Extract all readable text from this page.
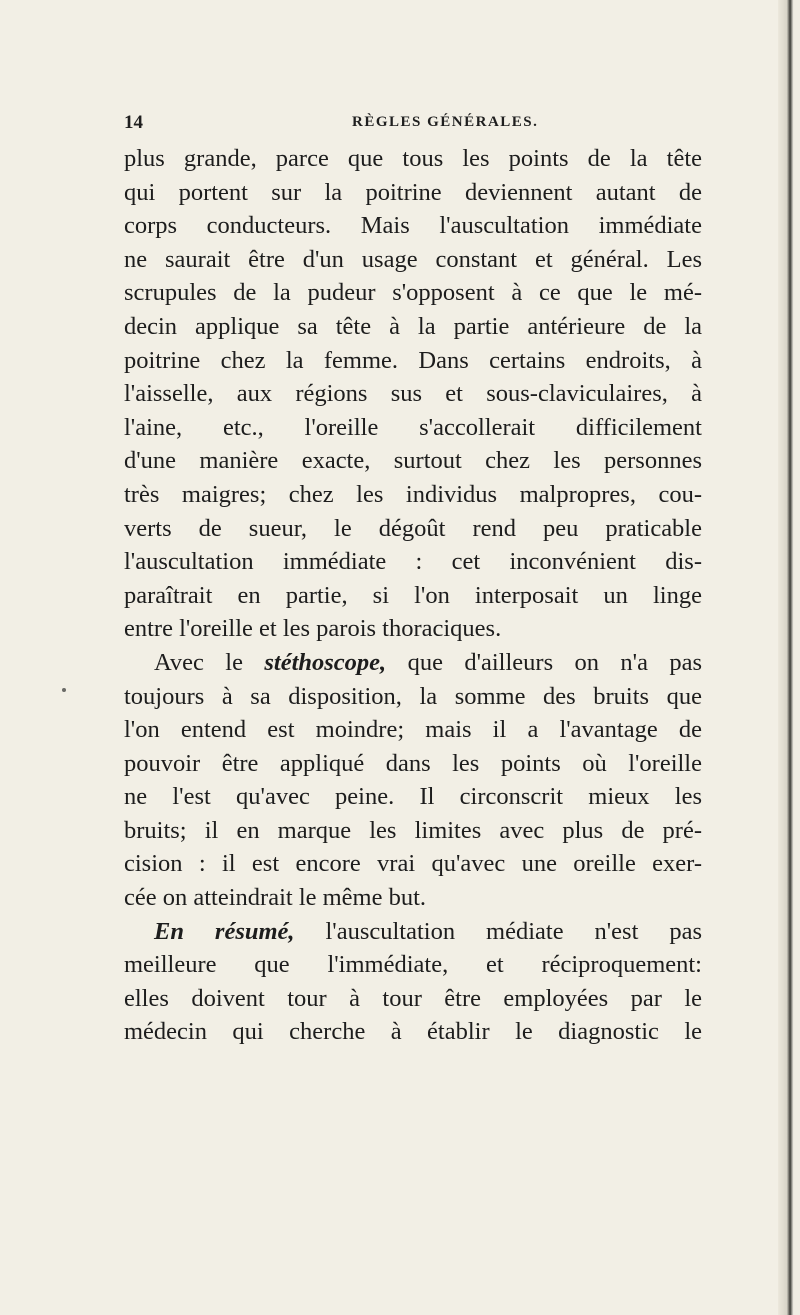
14	RÈGLES GÉNÉRALES.
plus grande, parce que tous les points de la tête
qui portent sur la poitrine deviennent autant de
corps conducteurs. Mais l'auscultation immédiate
ne saurait être d'un usage constant et général. Les
scrupules de la pudeur s'opposent à ce que le mé-
decin applique sa tête à la partie antérieure de la
poitrine chez la femme. Dans certains endroits, à
l'aisselle, aux régions sus et sous-claviculaires, à
l'aine, etc., l'oreille s'accollerait difficilement
d'une manière exacte, surtout chez les personnes
très maigres; chez les individus malpropres, cou-
verts de sueur, le dégoût rend peu praticable
l'auscultation immédiate : cet inconvénient dis-
paraîtrait en partie, si l'on interposait un linge
entre l'oreille et les parois thoraciques.
Avec le stéthoscope, que d'ailleurs on n'a pas
toujours à sa disposition, la somme des bruits que
l'on entend est moindre; mais il a l'avantage de
pouvoir être appliqué dans les points où l'oreille
ne l'est qu'avec peine. Il circonscrit mieux les
bruits; il en marque les limites avec plus de pré-
cision : il est encore vrai qu'avec une oreille exer-
cée on atteindrait le même but.
En résumé, l'auscultation médiate n'est pas
meilleure que l'immédiate, et réciproquement:
elles doivent tour à tour être employées par le
médecin qui cherche à établir le diagnostic le
